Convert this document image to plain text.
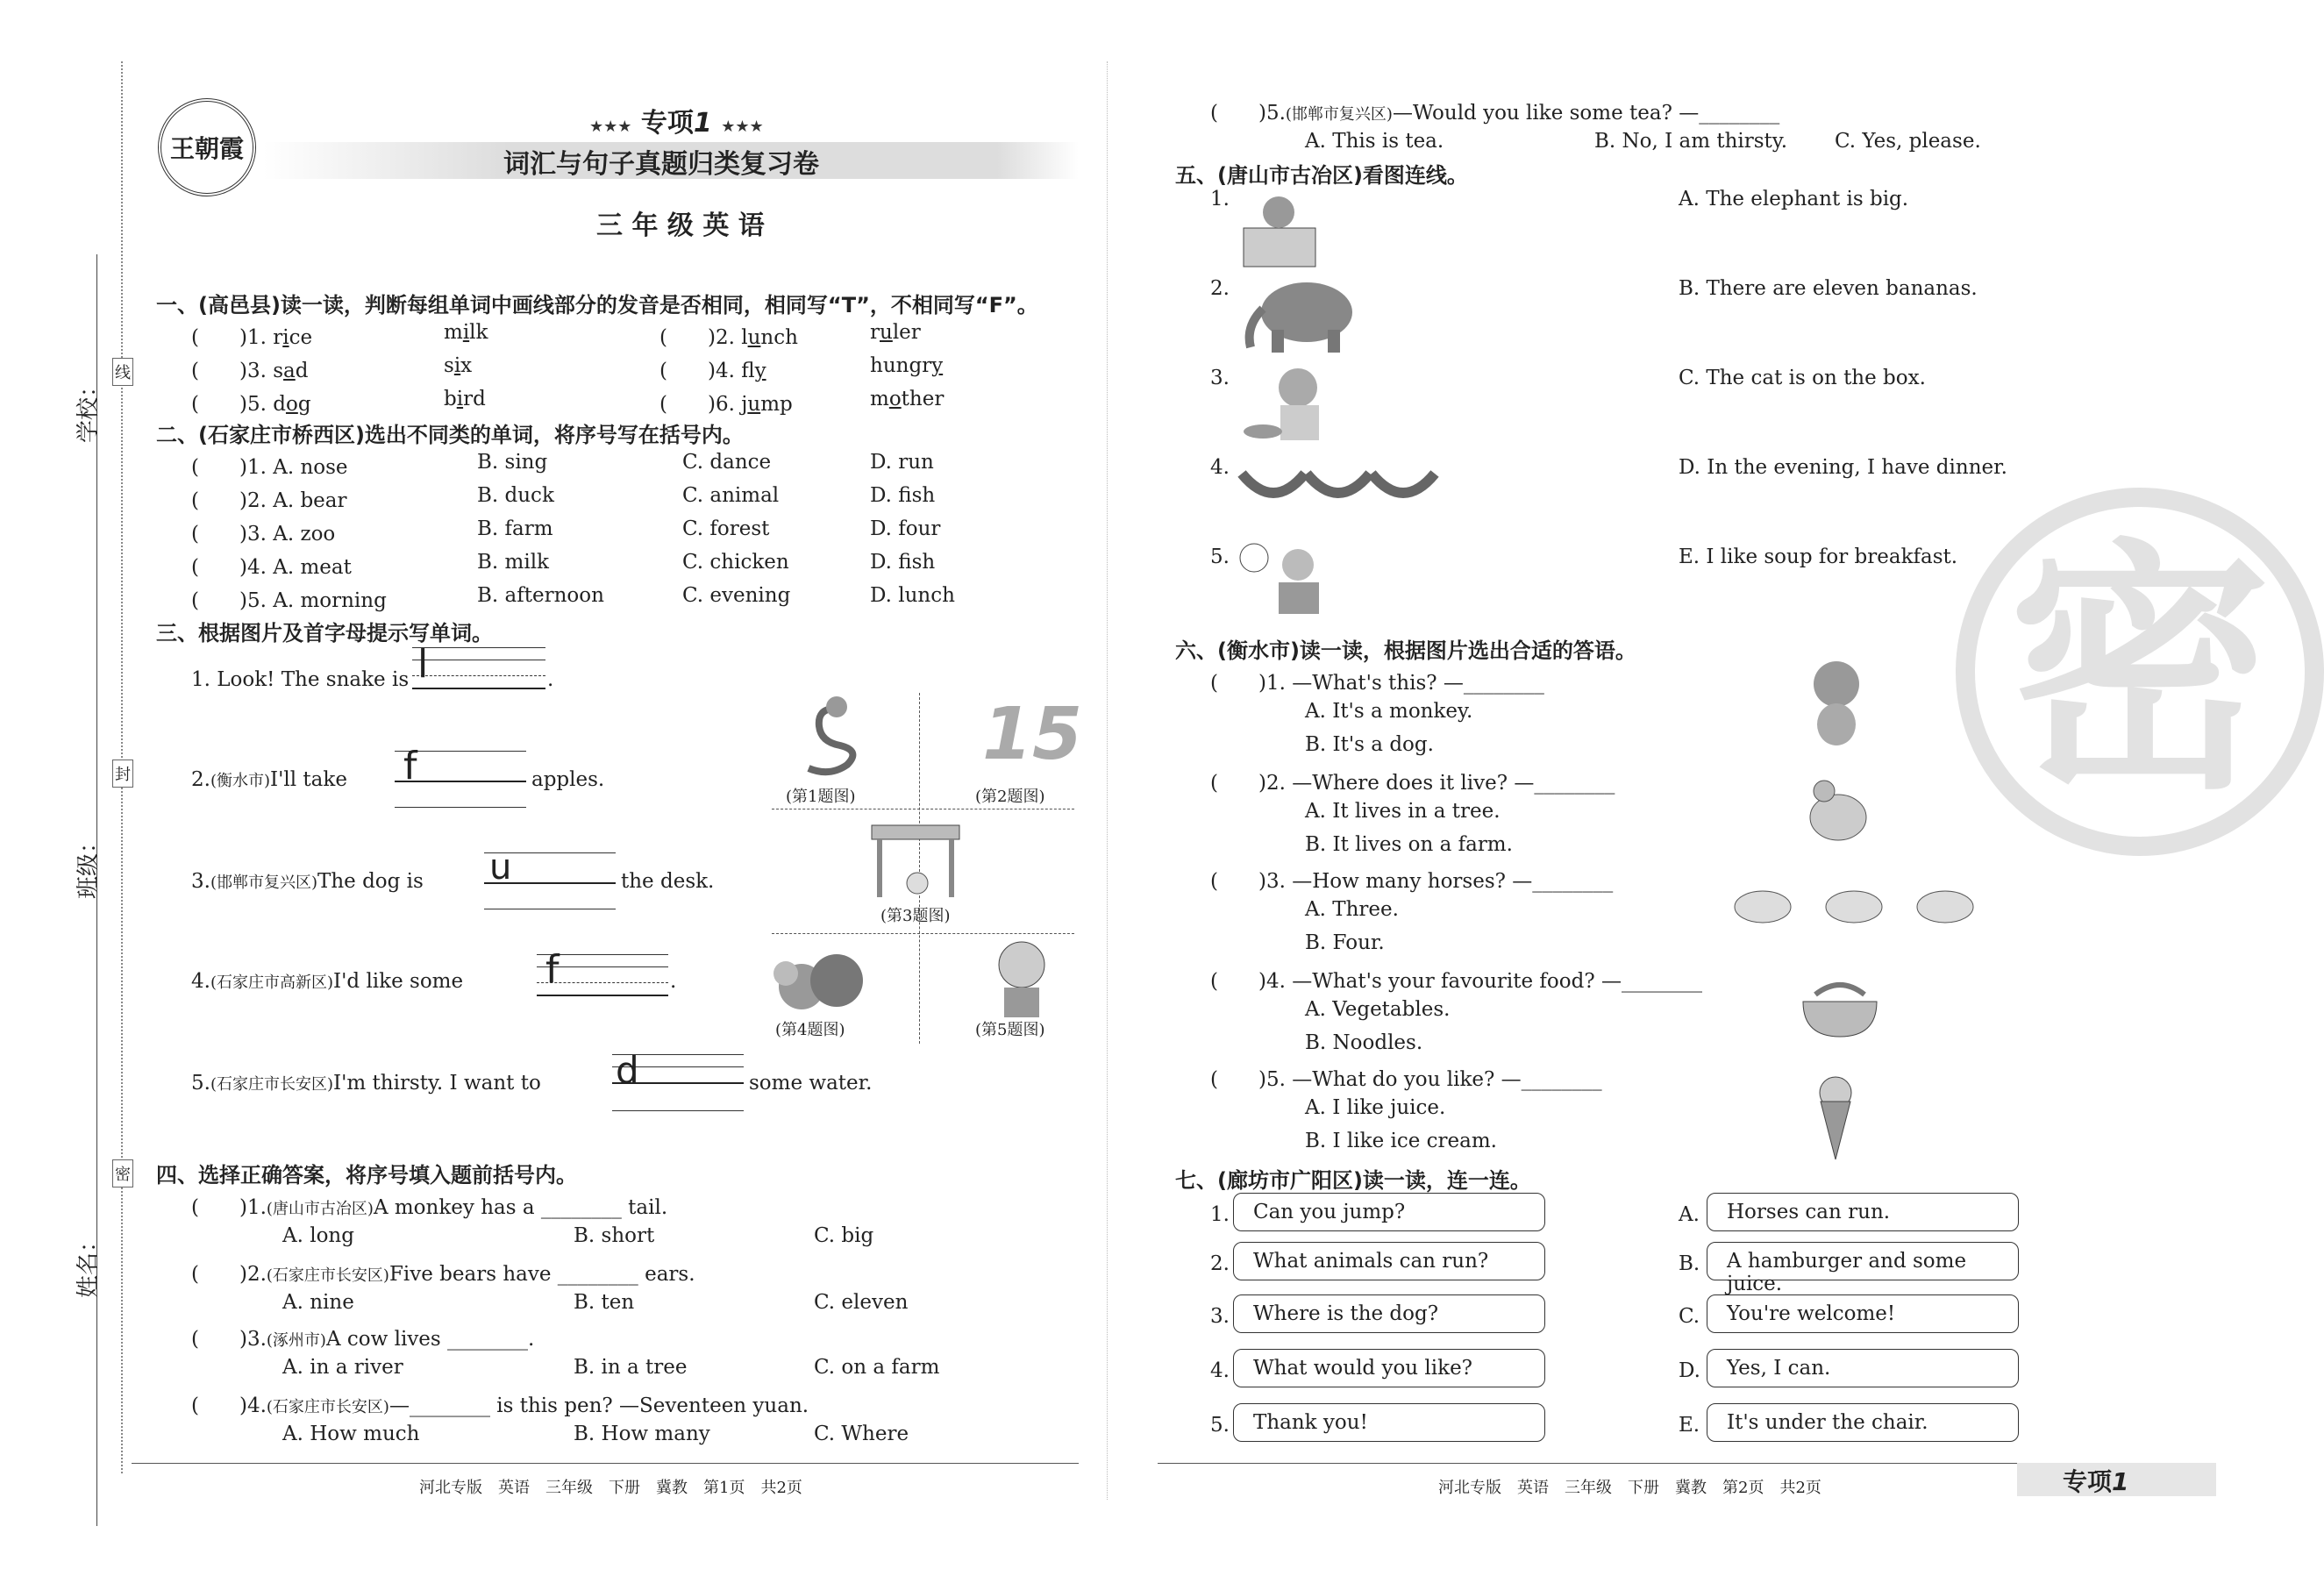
学校：
班级：
姓名：
线
封
密
王朝霞
★★★ 专项1 ★★★
词汇与句子真题归类复习卷
三 年 级 英 语
一、(高邑县)读一读，判断每组单词中画线部分的发音是否相同，相同写“T”，不相同写“F”。
(　　)1. rice	milk	(　　)2. lunch	ruler
(　　)3. sad	six	(　　)4. fly	hungry
(　　)5. dog	bird	(　　)6. jump	mother
二、(石家庄市桥西区)选出不同类的单词，将序号写在括号内。
(　　)1. A. nose	B. sing	C. dance	D. run
(　　)2. A. bear	B. duck	C. animal	D. fish
(　　)3. A. zoo	B. farm	C. forest	D. four
(　　)4. A. meat	B. milk	C. chicken	D. fish
(　　)5. A. morning	B. afternoon	C. evening	D. lunch
三、根据图片及首字母提示写单词。
1. Look! The snake is l	.
2.(衡水市)I'll take f	apples.
3.(邯郸市复兴区)The dog is u	the desk.
4.(石家庄市高新区)I'd like some f	.
5.(石家庄市长安区)I'm thirsty. I want to d	some water.
15
(第1题图)	(第2题图)
(第3题图)
(第4题图)	(第5题图)
四、选择正确答案，将序号填入题前括号内。
(　　)1.(唐山市古冶区)A monkey has a ________ tail.
A. long	B. short	C. big
(　　)2.(石家庄市长安区)Five bears have ________ ears.
A. nine	B. ten	C. eleven
(　　)3.(涿州市)A cow lives ________.
A. in a river	B. in a tree	C. on a farm
(　　)4.(石家庄市长安区)—________ is this pen? —Seventeen yuan.
A. How much	B. How many	C. Where
(　　)5.(邯郸市复兴区)—Would you like some tea? —________
A. This is tea.	B. No, I am thirsty. C. Yes, please.
五、(唐山市古冶区)看图连线。
1.	A. The elephant is big.
2.	B. There are eleven bananas.
3.	C. The cat is on the box.
4.	D. In the evening, I have dinner.
5.	E. I like soup for breakfast.
六、(衡水市)读一读，根据图片选出合适的答语。
(　　)1. —What's this? —________
A. It's a monkey.
B. It's a dog.
(　　)2. —Where does it live? —________
A. It lives in a tree.
B. It lives on a farm.
(　　)3. —How many horses? —________
A. Three.
B. Four.
(　　)4. —What's your favourite food? —________
A. Vegetables.
B. Noodles.
(　　)5. —What do you like? —________
A. I like juice.
B. I like ice cream.
密
七、(廊坊市广阳区)读一读，连一连。
1.	Can you jump?	A.	Horses can run.
2.	What animals can run?	B.	A hamburger and some juice.
3.	Where is the dog?	C.	You're welcome!
4.	What would you like?	D.	Yes, I can.
5.	Thank you!	E.	It's under the chair.
河北专版　英语　三年级　下册　冀教　第1页　共2页	河北专版　英语　三年级　下册　冀教　第2页　共2页	专项1
